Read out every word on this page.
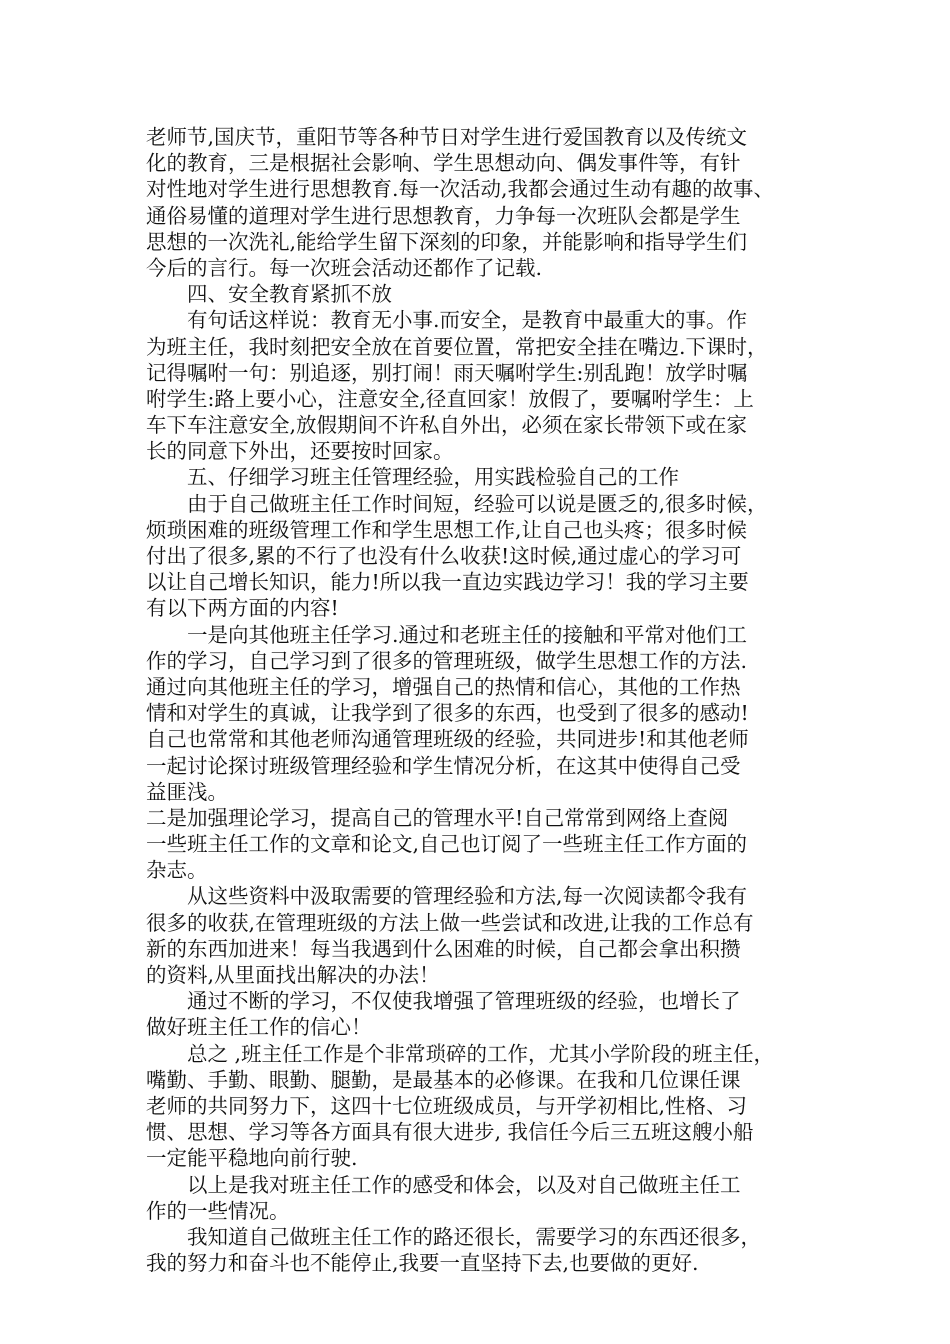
老师节,国庆节，重阳节等各种节日对学生进行爱国教育以及传统文
化的教育，三是根据社会影响、学生思想动向、偶发事件等，有针
对性地对学生进行思想教育.每一次活动,我都会通过生动有趣的故事、
通俗易懂的道理对学生进行思想教育，力争每一次班队会都是学生
思想的一次洗礼,能给学生留下深刻的印象，并能影响和指导学生们
今后的言行。每一次班会活动还都作了记载.
四、安全教育紧抓不放
有句话这样说：教育无小事.而安全，是教育中最重大的事。作
为班主任，我时刻把安全放在首要位置，常把安全挂在嘴边.下课时，
记得嘱咐一句：别追逐，别打闹！雨天嘱咐学生:别乱跑！放学时嘱
咐学生:路上要小心，注意安全,径直回家！放假了，要嘱咐学生：上
车下车注意安全,放假期间不许私自外出，必须在家长带领下或在家
长的同意下外出，还要按时回家。
五、仔细学习班主任管理经验，用实践检验自己的工作
由于自己做班主任工作时间短，经验可以说是匮乏的,很多时候，
烦琐困难的班级管理工作和学生思想工作,让自己也头疼；很多时候
付出了很多,累的不行了也没有什么收获!这时候,通过虚心的学习可
以让自己增长知识，能力!所以我一直边实践边学习！我的学习主要
有以下两方面的内容!
一是向其他班主任学习.通过和老班主任的接触和平常对他们工
作的学习，自己学习到了很多的管理班级，做学生思想工作的方法.
通过向其他班主任的学习，增强自己的热情和信心，其他的工作热
情和对学生的真诚，让我学到了很多的东西，也受到了很多的感动!
自己也常常和其他老师沟通管理班级的经验，共同进步!和其他老师
一起讨论探讨班级管理经验和学生情况分析，在这其中使得自己受
益匪浅。
二是加强理论学习，提高自己的管理水平!自己常常到网络上查阅
一些班主任工作的文章和论文,自己也订阅了一些班主任工作方面的
杂志。
从这些资料中汲取需要的管理经验和方法,每一次阅读都令我有
很多的收获,在管理班级的方法上做一些尝试和改进,让我的工作总有
新的东西加进来！每当我遇到什么困难的时候，自己都会拿出积攒
的资料,从里面找出解决的办法！
通过不断的学习，不仅使我增强了管理班级的经验，也增长了
做好班主任工作的信心！
总之 ,班主任工作是个非常琐碎的工作，尤其小学阶段的班主任，
嘴勤、手勤、眼勤、腿勤，是最基本的必修课。在我和几位课任课
老师的共同努力下，这四十七位班级成员，与开学初相比,性格、习
惯、思想、学习等各方面具有很大进步, 我信任今后三五班这艘小船
一定能平稳地向前行驶.
以上是我对班主任工作的感受和体会，以及对自己做班主任工
作的一些情况。
我知道自己做班主任工作的路还很长，需要学习的东西还很多，
我的努力和奋斗也不能停止,我要一直坚持下去,也要做的更好.
